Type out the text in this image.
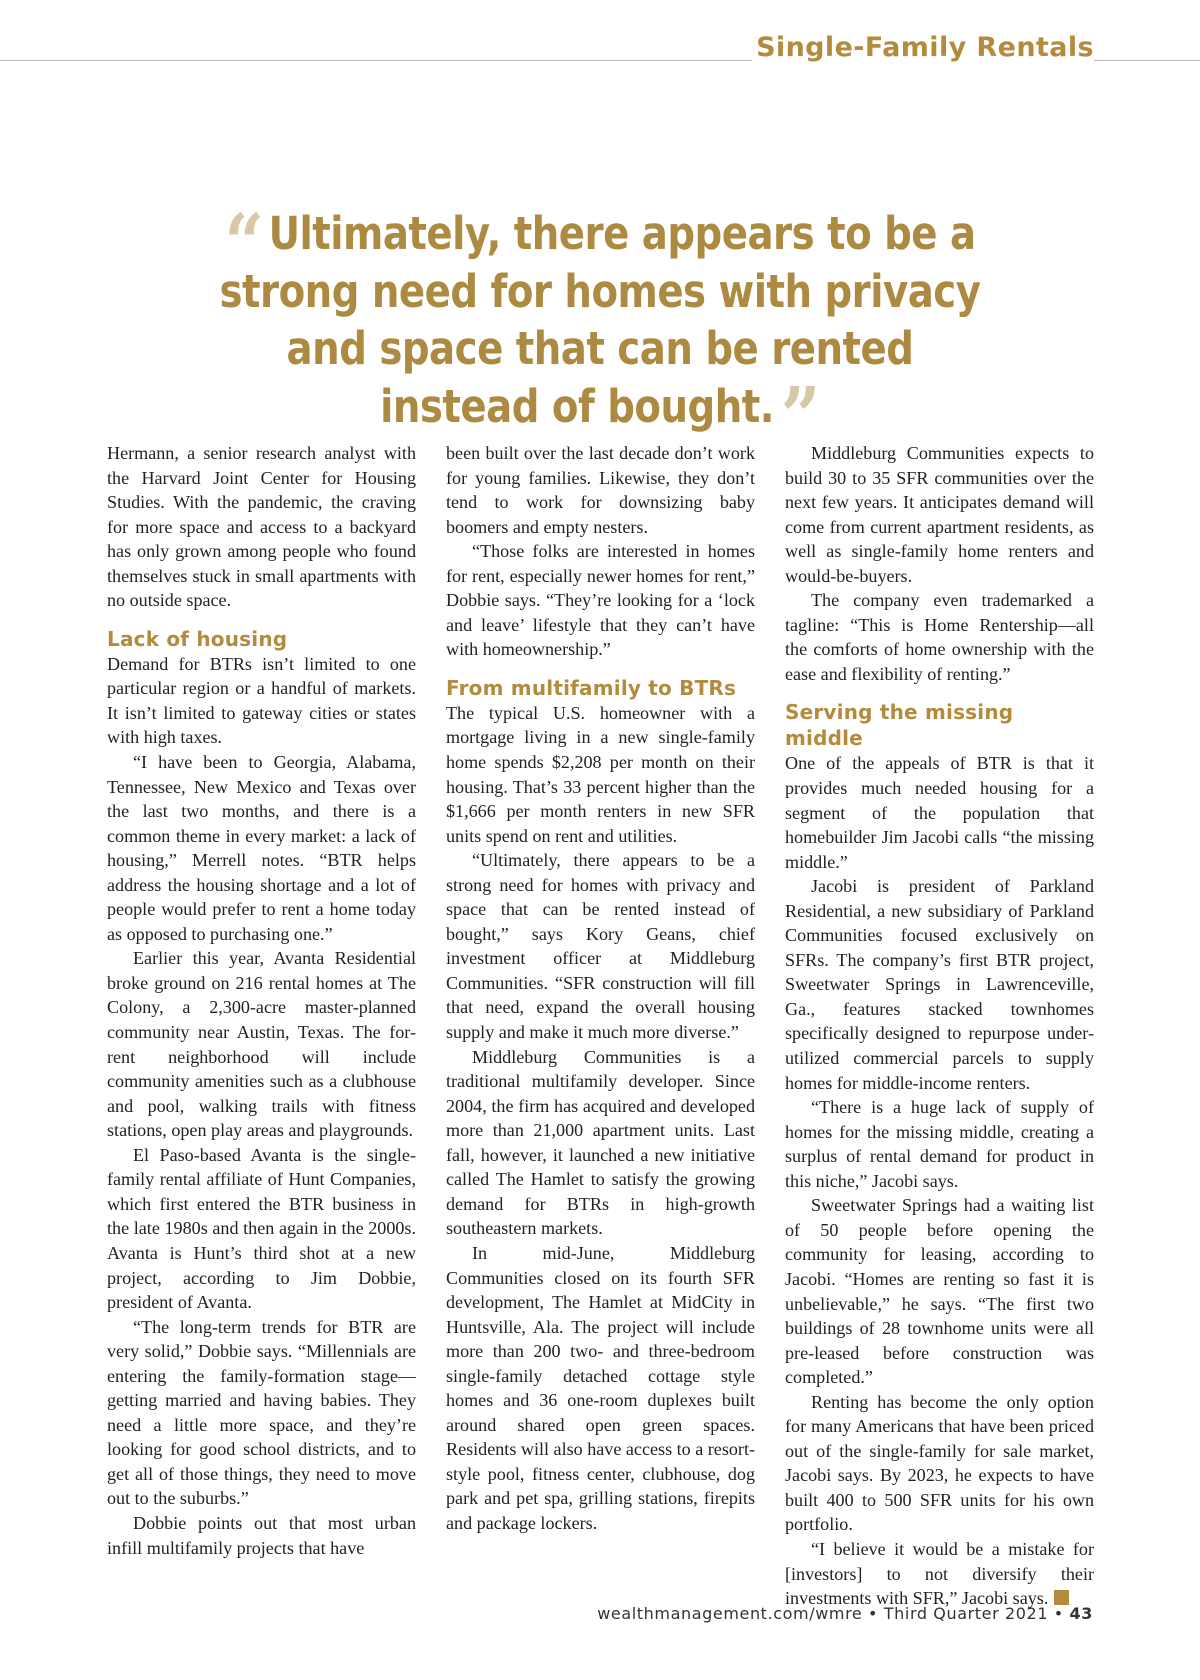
Single-Family Rentals
“ Ultimately, there appears to be a strong need for homes with privacy and space that can be rented instead of bought.”

Hermann, a senior research analyst with the Harvard Joint Center for Housing Studies. With the pandemic, the craving for more space and access to a backyard has only grown among people who found themselves stuck in small apartments with no outside space.

Lack of housing

Demand for BTRs isn’t limited to one particular region or a handful of markets. It isn’t limited to gateway cities or states with high taxes.

“I have been to Georgia, Alabama, Tennessee, New Mexico and Texas over the last two months, and there is a common theme in every market: a lack of housing,” Merrell notes. “BTR helps address the housing shortage and a lot of people would prefer to rent a home today as opposed to purchasing one.”

Earlier this year, Avanta Residential broke ground on 216 rental homes at The Colony, a 2,300-acre master-planned community near Austin, Texas. The for-rent neighborhood will include community amenities such as a clubhouse and pool, walking trails with fitness stations, open play areas and playgrounds.

El Paso-based Avanta is the single-family rental affiliate of Hunt Companies, which first entered the BTR business in the late 1980s and then again in the 2000s. Avanta is Hunt’s third shot at a new project, according to Jim Dobbie, president of Avanta.

“The long-term trends for BTR are very solid,” Dobbie says. “Millennials are entering the family-formation stage—getting married and having babies. They need a little more space, and they’re looking for good school districts, and to get all of those things, they need to move out to the suburbs.”

Dobbie points out that most urban infill multifamily projects that have

been built over the last decade don’t work for young families. Likewise, they don’t tend to work for downsizing baby boomers and empty nesters.

“Those folks are interested in homes for rent, especially newer homes for rent,” Dobbie says. “They’re looking for a ‘lock and leave’ lifestyle that they can’t have with homeownership.”

From multifamily to BTRs

The typical U.S. homeowner with a mortgage living in a new single-family home spends $2,208 per month on their housing. That’s 33 percent higher than the $1,666 per month renters in new SFR units spend on rent and utilities.

“Ultimately, there appears to be a strong need for homes with privacy and space that can be rented instead of bought,” says Kory Geans, chief investment officer at Middleburg Communities. “SFR construction will fill that need, expand the overall housing supply and make it much more diverse.”

Middleburg Communities is a traditional multifamily developer. Since 2004, the firm has acquired and developed more than 21,000 apartment units. Last fall, however, it launched a new initiative called The Hamlet to satisfy the growing demand for BTRs in high-growth southeastern markets.

In mid-June, Middleburg Communities closed on its fourth SFR development, The Hamlet at MidCity in Huntsville, Ala. The project will include more than 200 two- and three-bedroom single-family detached cottage style homes and 36 one-room duplexes built around shared open green spaces. Residents will also have access to a resort-style pool, fitness center, clubhouse, dog park and pet spa, grilling stations, firepits and package lockers.

Middleburg Communities expects to build 30 to 35 SFR communities over the next few years. It anticipates demand will come from current apartment residents, as well as single-family home renters and would-be-buyers.

The company even trademarked a tagline: “This is Home Rentership—all the comforts of home ownership with the ease and flexibility of renting.”

Serving the missing middle

One of the appeals of BTR is that it provides much needed housing for a segment of the population that homebuilder Jim Jacobi calls “the missing middle.”

Jacobi is president of Parkland Residential, a new subsidiary of Parkland Communities focused exclusively on SFRs. The company’s first BTR project, Sweetwater Springs in Lawrenceville, Ga., features stacked townhomes specifically designed to repurpose under-utilized commercial parcels to supply homes for middle-income renters.

“There is a huge lack of supply of homes for the missing middle, creating a surplus of rental demand for product in this niche,” Jacobi says.

Sweetwater Springs had a waiting list of 50 people before opening the community for leasing, according to Jacobi. “Homes are renting so fast it is unbelievable,” he says. “The first two buildings of 28 townhome units were all pre-leased before construction was completed.”

Renting has become the only option for many Americans that have been priced out of the single-family for sale market, Jacobi says. By 2023, he expects to have built 400 to 500 SFR units for his own portfolio.

“I believe it would be a mistake for [investors] to not diversify their investments with SFR,” Jacobi says.

wealthmanagement.com/wmre • Third Quarter 2021 • 43
